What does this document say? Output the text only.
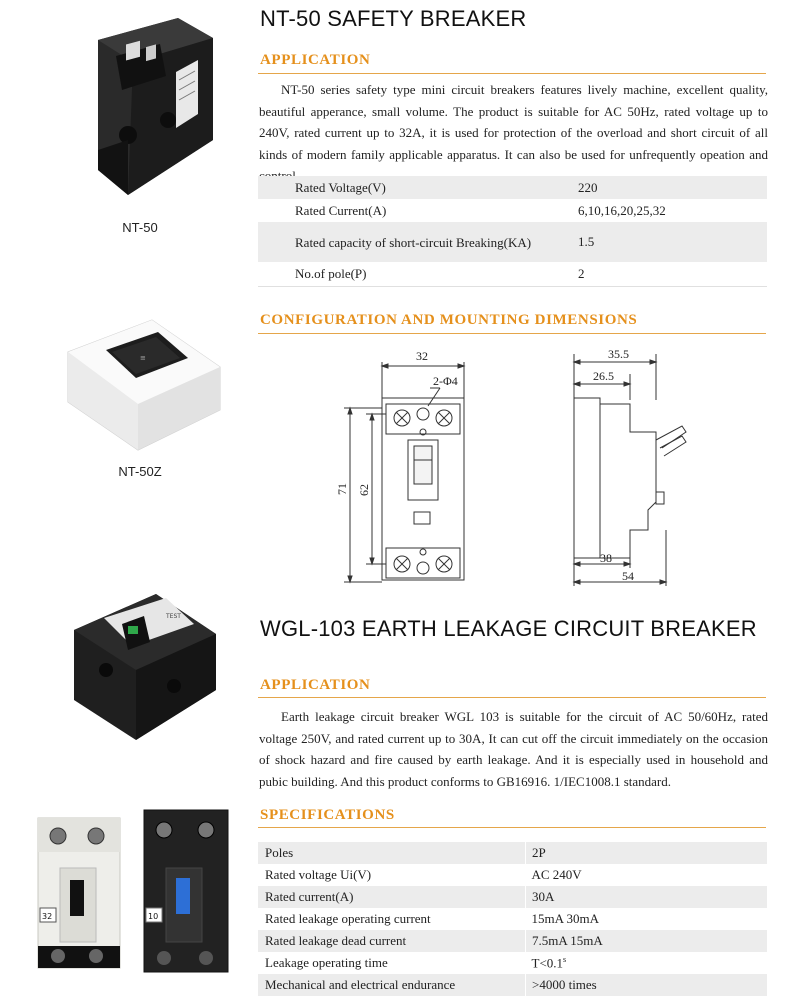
NT-50
≡
NT-50Z
TEST
32	10
NT-50 SAFETY BREAKER
APPLICATION

NT-50 series safety type mini circuit breakers features lively machine, excellent quality, beautiful apperance, small volume. The product is suitable for AC 50Hz, rated voltage up to 240V, rated current up to 32A, it is used for protection of the overload and short circuit of all kinds of modern family applicable apparatus. It can also be used for unfrequently opeation and

Rated Voltage(V)	220
Rated Current(A)	6,10,16,20,25,32
Rated capacity of short-circuit Breaking(KA)	1.5
No.of pole(P)	2
CONFIGURATION AND MOUNTING DIMENSIONS
32
2-Φ4
71 62
35.5
26.5
38
54
WGL-103 EARTH LEAKAGE CIRCUIT BREAKER
APPLICATION

Earth leakage circuit breaker WGL 103 is suitable for the circuit of AC 50/60Hz, rated voltage 250V, and rated current up to 30A, It can cut off the circuit immediately on the occasion of shock hazard and fire caused by earth leakage. And it is especially used in household and pubic building. And this product conforms to GB16916. 1/IEC1008.1 standard.

SPECIFICATIONS
Poles	2P
Rated voltage Ui(V)	AC 240V
Rated current(A)	30A
Rated leakage operating current	15mA 30mA
Rated leakage dead current	7.5mA 15mA
Leakage operating time	$T<0.1^s$
Mechanical and electrical endurance	>4000 times
